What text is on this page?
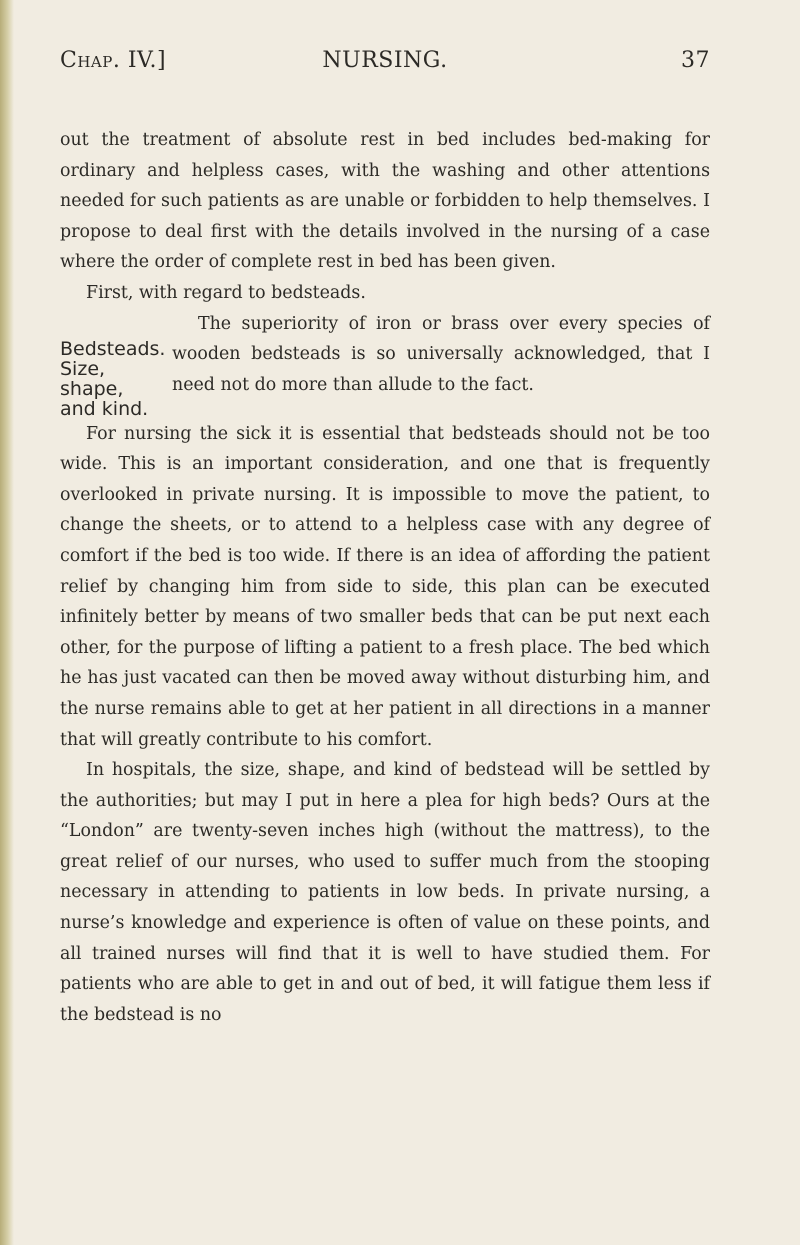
Chap. IV.]	NURSING.	37

out the treatment of absolute rest in bed includes bed-making for ordinary and helpless cases, with the washing and other attentions needed for such patients as are unable or forbidden to help themselves. I propose to deal first with the details involved in the nursing of a case where the order of complete rest in bed has been given.

First, with regard to bedsteads.

Bedsteads.
Size, shape,
and kind.

The superiority of iron or brass over every species of wooden bedsteads is so universally acknowledged, that I need not do more than allude to the fact.

For nursing the sick it is essential that bedsteads should not be too wide. This is an important consideration, and one that is frequently overlooked in private nursing. It is impossible to move the patient, to change the sheets, or to attend to a helpless case with any degree of comfort if the bed is too wide. If there is an idea of affording the patient relief by changing him from side to side, this plan can be executed infinitely better by means of two smaller beds that can be put next each other, for the purpose of lifting a patient to a fresh place. The bed which he has just vacated can then be moved away without disturbing him, and the nurse remains able to get at her patient in all directions in a manner that will greatly contribute to his comfort.

In hospitals, the size, shape, and kind of bedstead will be settled by the authorities; but may I put in here a plea for high beds? Ours at the “London” are twenty-seven inches high (without the mattress), to the great relief of our nurses, who used to suffer much from the stooping necessary in attending to patients in low beds. In private nursing, a nurse’s knowledge and experience is often of value on these points, and all trained nurses will find that it is well to have studied them. For patients who are able to get in and out of bed, it will fatigue them less if the bedstead is no
